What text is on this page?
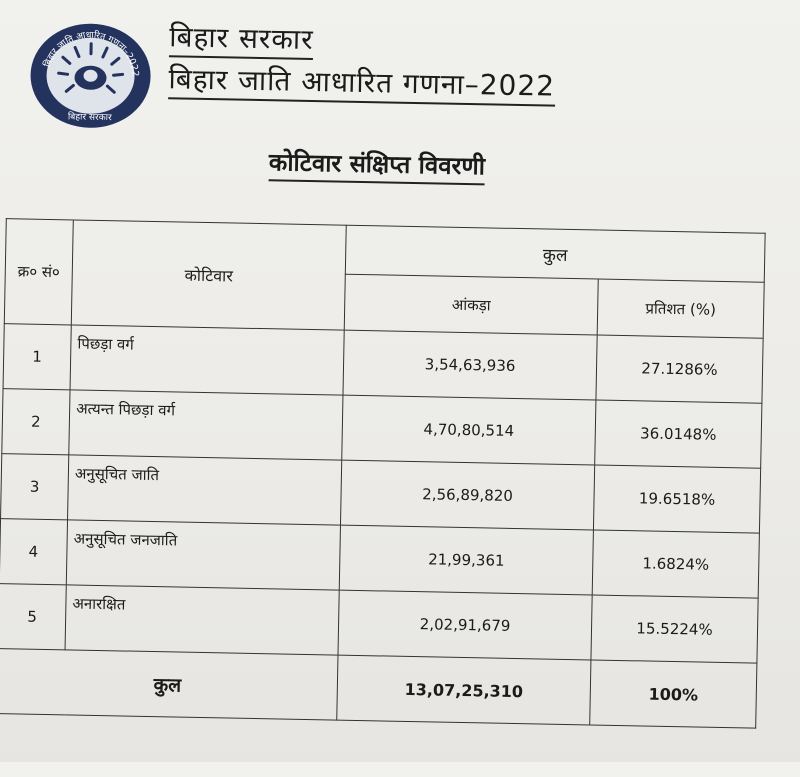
बिहार जाति आधारित गणना–2022
बिहार सरकार
बिहार सरकार
बिहार जाति आधारित गणना–2022
कोटिवार संक्षिप्त विवरणी
क्र० सं०	कोटिवार	कुल	
		आंकड़ा	प्रतिशत (%)
1	पिछड़ा वर्ग	3,54,63,936	27.1286%
2	अत्यन्त पिछड़ा वर्ग	4,70,80,514	36.0148%
3	अनुसूचित जाति	2,56,89,820	19.6518%
4	अनुसूचित जनजाति	21,99,361	1.6824%
5	अनारक्षित	2,02,91,679	15.5224%
कुल		13,07,25,310	100%
